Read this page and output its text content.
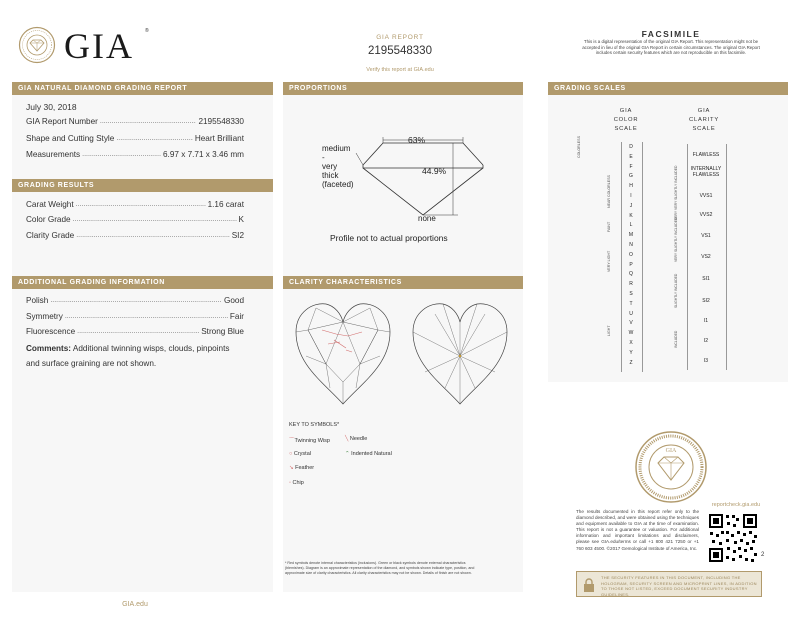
GIA ®
GIA REPORT
2195548330
Verify this report at GIA.edu
FACSIMILE
This is a digital representation of the original GIA Report. This representation might not be accepted in lieu of the original GIA Report in certain circumstances. The original GIA Report includes certain security features which are not reproducible on this facsimile.
GIA NATURAL DIAMOND GRADING REPORT
July 30, 2018
GIA Report Number .....	2195548330
Shape and Cutting Style .....	Heart Brilliant
Measurements .....	6.97 x 7.71 x 3.46 mm
GRADING RESULTS
Carat Weight .....	1.16 carat
Color Grade .....	K
Clarity Grade .....	SI2
ADDITIONAL GRADING INFORMATION
Polish .....	Good
Symmetry .....	Fair
Fluorescence .....	Strong Blue
Comments: Additional twinning wisps, clouds, pinpoints
and surface graining are not shown.
GIA.edu
PROPORTIONS
63%
44.9%
medium
-
very
thick
(faceted)
none
Profile not to actual proportions
CLARITY CHARACTERISTICS
KEY TO SYMBOLS*
⌒Twinning Wisp	╲ Needle
○ Crystal	⌃ Indented Natural
↘ Feather
◦ Chip
* Red symbols denote internal characteristics (inclusions). Green or black symbols denote external characteristics
(blemishes). Diagram is an approximate representation of the diamond, and symbols shown indicate type, position, and
approximate size of clarity characteristics. All clarity characteristics may not be shown. Details of finish are not shown.
GRADING SCALES
GIA
COLOR
SCALE
GIA
CLARITY
SCALE
D
E
F
G
H
I
J
K
L
M
N
O
P
Q
R
S
T
U
V
W
X
Y
Z
COLORLESS
NEAR COLORLESS
FAINT
VERY LIGHT
LIGHT
FLAWLESS
INTERNALLY FLAWLESS
VVS1
VVS2
VS1
VS2
SI1
SI2
I1
I2
I3
VERY VERY SLIGHTLY INCLUDED
VERY SLIGHTLY INCLUDED
SLIGHTLY INCLUDED
INCLUDED
GIA
reportcheck.gia.edu
2
The results documented in this report refer only to the diamond described, and were obtained using the techniques and equipment available to GIA at the time of examination. This report is not a guarantee or valuation. For additional information and important limitations and disclaimers, please see GIA.edu/terms or call +1 800 421 7250 or +1 760 603 4500. ©2017 Gemological Institute of America, Inc.
THE SECURITY FEATURES IN THIS DOCUMENT, INCLUDING THE HOLOGRAM, SECURITY SCREEN AND MICROPRINT LINES, IN ADDITION TO THOSE NOT LISTED, EXCEED DOCUMENT SECURITY INDUSTRY GUIDELINES.
